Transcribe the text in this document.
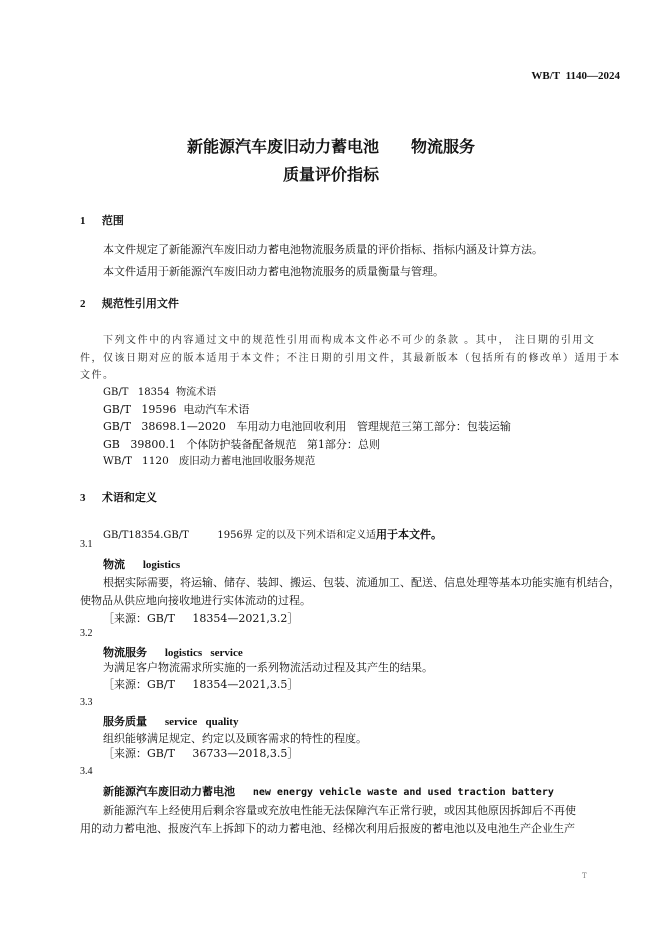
WB/T  1140—2024
新能源汽车废旧动力蓄电池　　物流服务
质量评价指标
1 范围
本文件规定了新能源汽车废旧动力蓄电池物流服务质量的评价指标、指标内涵及计算方法。
本文件适用于新能源汽车废旧动力蓄电池物流服务的质量衡量与管理。
2 规范性引用文件
下列文件中的内容通过文中的规范性引用而构成本文件必不可少的条款 。其中， 注日期的引用文
件，仅该日期对应的版本适用于本文件；不注日期的引用文件，其最新版本（包括所有的修改单）适用于本
文件。
GB/T   18354  物流术语
GB/T   19596  电动汽车术语
GB/T   38698.1—2020   车用动力电池回收利用   管理规范三第工部分：包装运输
GB   39800.1   个体防护装备配备规范   第1部分：总则
WB/T   1120   废旧动力蓄电池回收服务规范
3 术语和定义
GB/T18354.GB/T         1956界 定的以及下列术语和定义适用于本文件。
3.1
物流 logistics
根据实际需要，将运输、储存、装卸、搬运、包装、流通加工、配送、信息处理等基本功能实施有机结合，
使物品从供应地向接收地进行实体流动的过程。
［来源：GB/T     18354—2021,3.2］
3.2
物流服务 logistics   service
为满足客户物流需求所实施的一系列物流活动过程及其产生的结果。
［来源：GB/T     18354—2021,3.5］
3.3
服务质量 service   quality
组织能够满足规定、约定以及顾客需求的特性的程度。
［来源：GB/T     36733—2018,3.5］
3.4
新能源汽车废旧动力蓄电池 new energy vehicle waste and used traction battery
新能源汽车上经使用后剩余容量或充放电性能无法保障汽车正常行驶，或因其他原因拆卸后不再使
用的动力蓄电池、报废汽车上拆卸下的动力蓄电池、经梯次利用后报废的蓄电池以及电池生产企业生产
T
